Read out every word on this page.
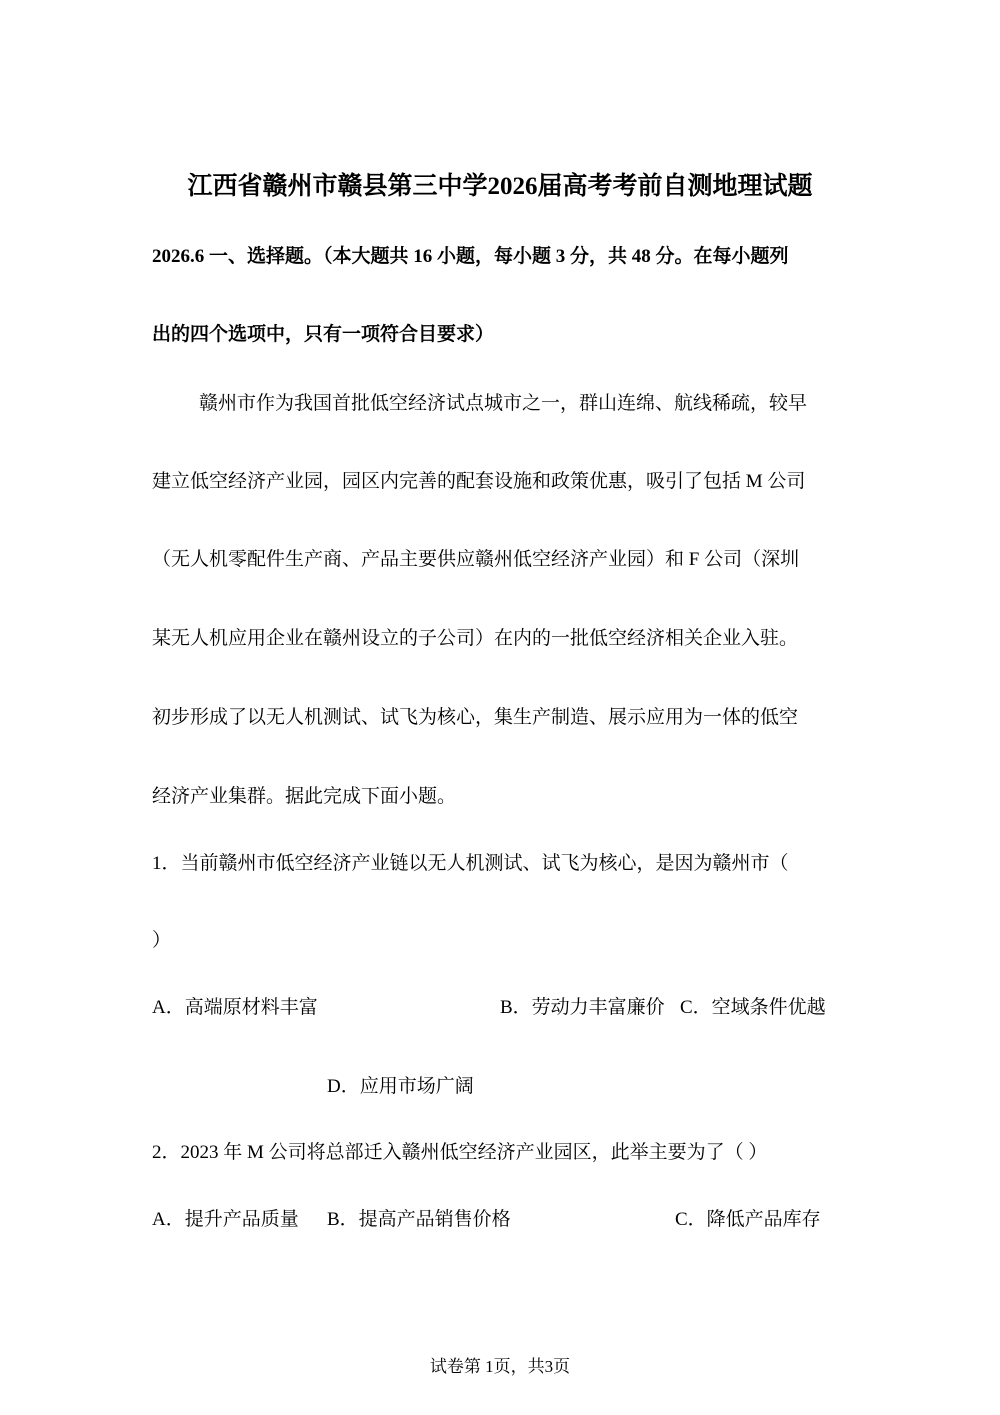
江西省赣州市赣县第三中学2026届高考考前自测地理试题
2026.6 一、选择题。（本大题共 16 小题，每小题 3 分，共 48 分。在每小题列
出的四个选项中，只有一项符合目要求）
赣州市作为我国首批低空经济试点城市之一，群山连绵、航线稀疏，较早
建立低空经济产业园，园区内完善的配套设施和政策优惠，吸引了包括 M 公司
（无人机零配件生产商、产品主要供应赣州低空经济产业园）和 F 公司（深圳
某无人机应用企业在赣州设立的子公司）在内的一批低空经济相关企业入驻。
初步形成了以无人机测试、试飞为核心，集生产制造、展示应用为一体的低空
经济产业集群。据此完成下面小题。
1．当前赣州市低空经济产业链以无人机测试、试飞为核心，是因为赣州市（
）
A．高端原材料丰富	B．劳动力丰富廉价 C．空域条件优越
D．应用市场广阔
2．2023 年 M 公司将总部迁入赣州低空经济产业园区，此举主要为了（ ）
A．提升产品质量 B．提高产品销售价格	C．降低产品库存
试卷第 1页，共3页
